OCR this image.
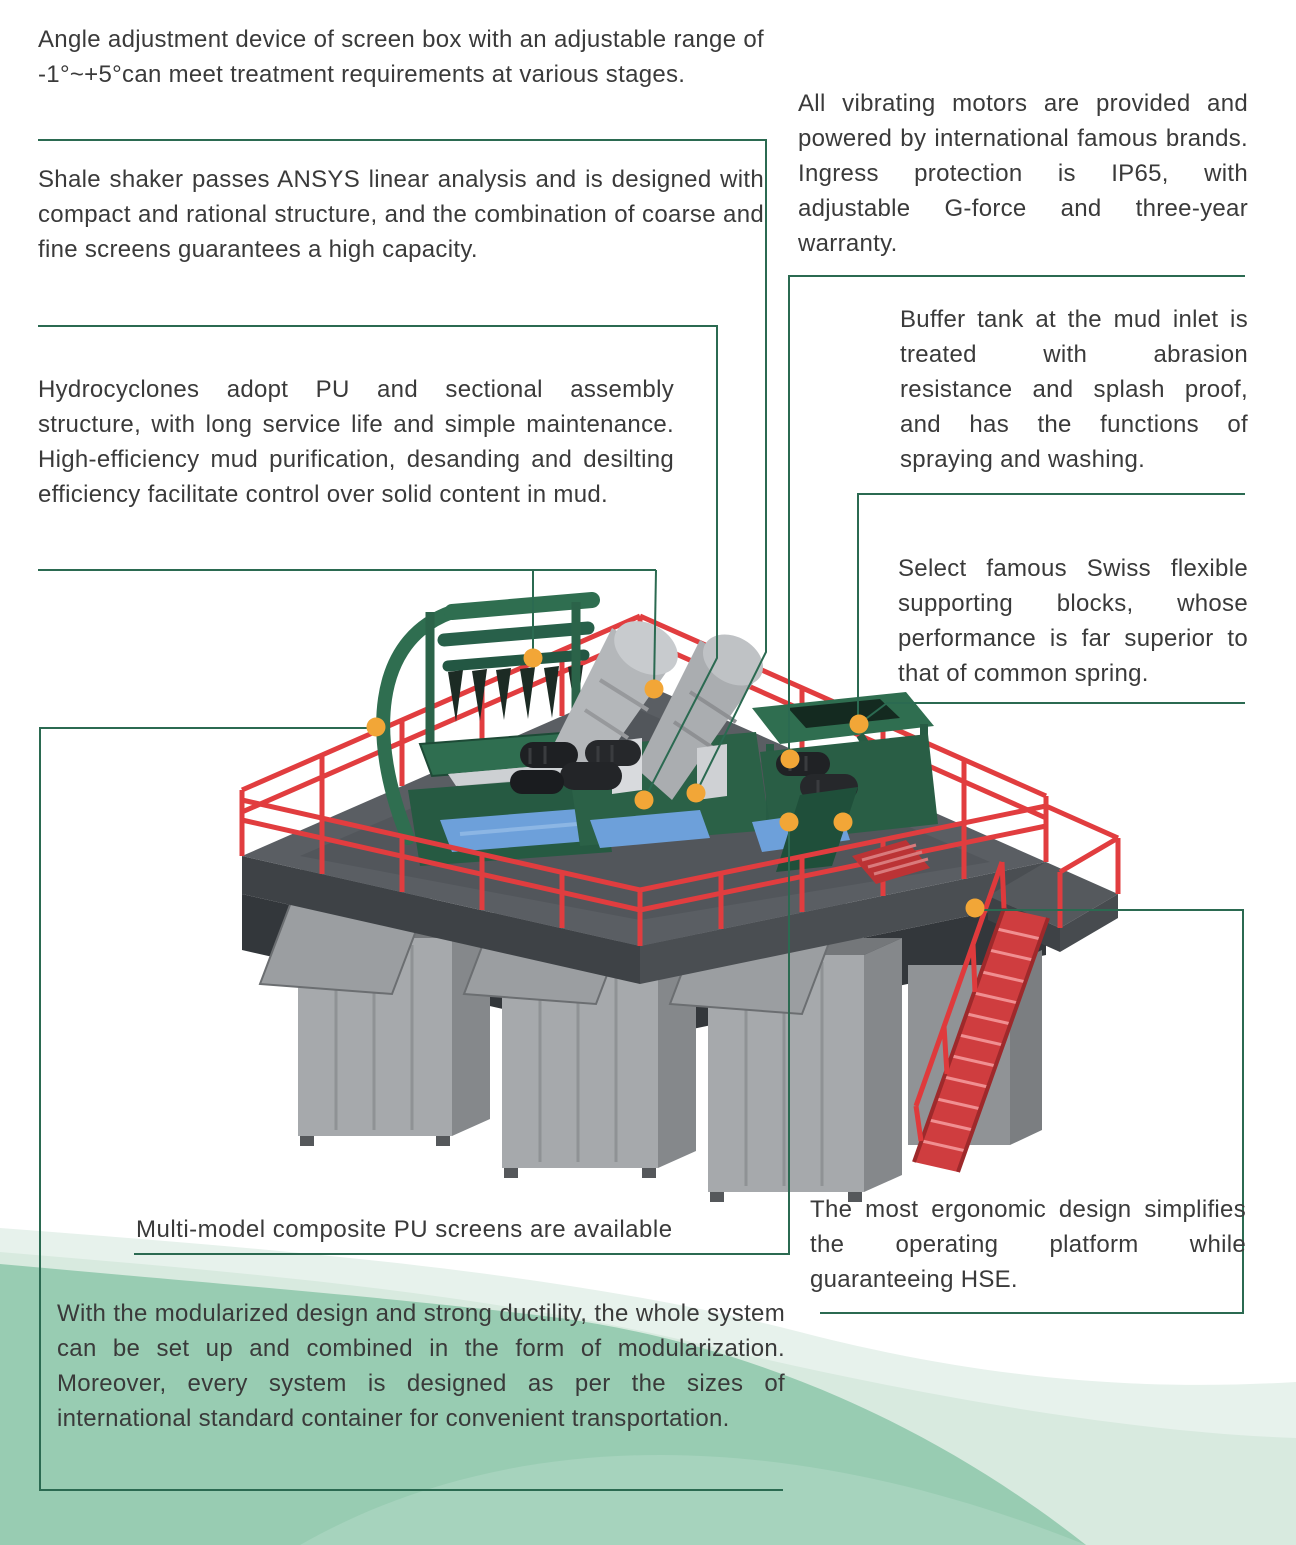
Angle adjustment device of screen box with an adjustable range of -1°~+5°can meet treatment requirements at various stages.
Shale shaker passes ANSYS linear analysis and is designed with compact and rational structure, and the combination of coarse and fine screens guarantees a high capacity.
Hydrocyclones adopt PU and sectional assembly structure, with long service life and simple maintenance. High-efficiency mud purification, desanding and desilting efficiency facilitate control over solid content in mud.
All vibrating motors are provided and powered by international famous brands. Ingress protection is IP65, with adjustable G-force and three-year warranty.
Buffer tank at the mud inlet is treated with abrasion resistance and splash proof, and has the functions of spraying and washing.
Select famous Swiss flexible supporting blocks, whose performance is far superior to that of common spring.
Multi-model composite PU screens are available
The most ergonomic design simplifies the operating platform while guaranteeing HSE.
With the modularized design and strong ductility, the whole system can be set up and combined in the form of modularization. Moreover, every system is designed as per the sizes of international standard container for convenient transportation.
